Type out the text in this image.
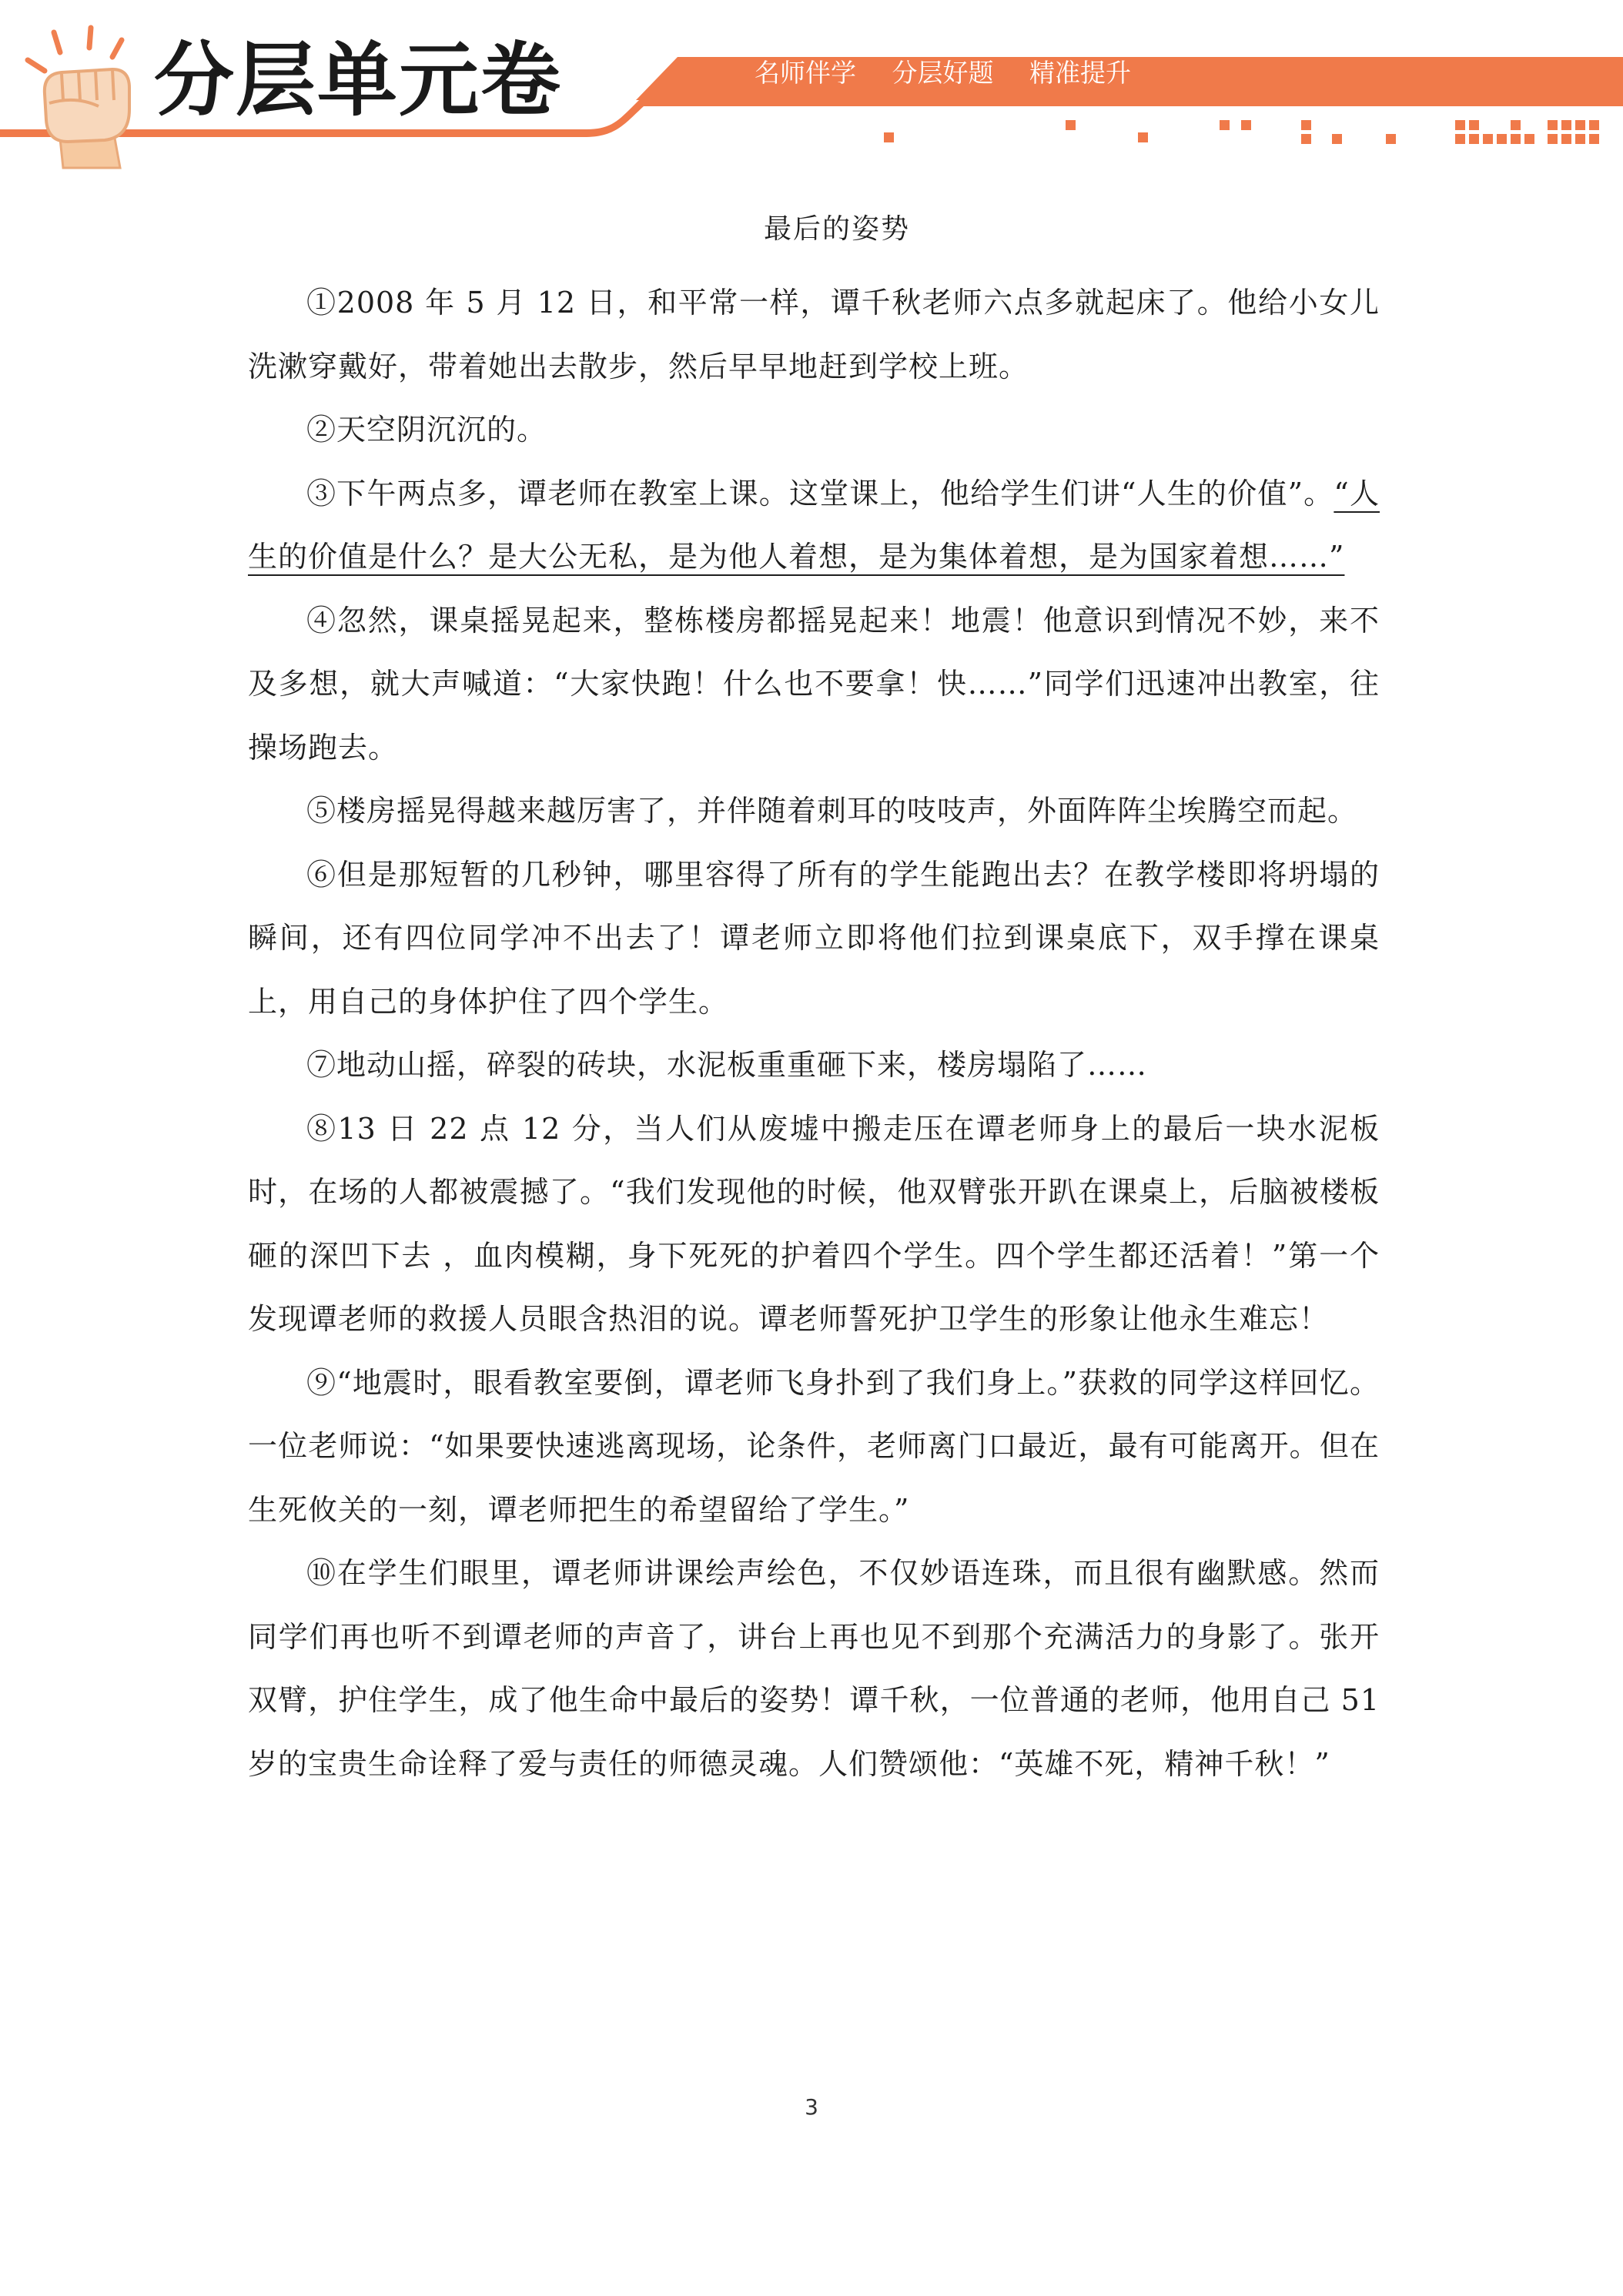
分层单元卷	名师伴学 分层好题 精准提升
最后的姿势

①2008 年 5 月 12 日，和平常一样，谭千秋老师六点多就起床了。他给小女儿洗漱穿戴好，带着她出去散步，然后早早地赶到学校上班。

②天空阴沉沉的。

③下午两点多，谭老师在教室上课。这堂课上，他给学生们讲“人生的价值”。“人生的价值是什么？是大公无私，是为他人着想，是为集体着想，是为国家着想……”

④忽然，课桌摇晃起来，整栋楼房都摇晃起来！地震！他意识到情况不妙，来不及多想，就大声喊道：“大家快跑！什么也不要拿！快……”同学们迅速冲出教室，往操场跑去。

⑤楼房摇晃得越来越厉害了，并伴随着刺耳的吱吱声，外面阵阵尘埃腾空而起。

⑥但是那短暂的几秒钟，哪里容得了所有的学生能跑出去？在教学楼即将坍塌的瞬间，还有四位同学冲不出去了！谭老师立即将他们拉到课桌底下，双手撑在课桌上，用自己的身体护住了四个学生。

⑦地动山摇，碎裂的砖块，水泥板重重砸下来，楼房塌陷了……

⑧13 日 22 点 12 分，当人们从废墟中搬走压在谭老师身上的最后一块水泥板时，在场的人都被震撼了。“我们发现他的时候，他双臂张开趴在课桌上，后脑被楼板砸的深凹下去 ，血肉模糊，身下死死的护着四个学生。四个学生都还活着！”第一个发现谭老师的救援人员眼含热泪的说。谭老师誓死护卫学生的形象让他永生难忘！

⑨“地震时，眼看教室要倒，谭老师飞身扑到了我们身上。”获救的同学这样回忆。一位老师说：“如果要快速逃离现场，论条件，老师离门口最近，最有可能离开。但在生死攸关的一刻，谭老师把生的希望留给了学生。”

⑩在学生们眼里，谭老师讲课绘声绘色，不仅妙语连珠，而且很有幽默感。然而同学们再也听不到谭老师的声音了，讲台上再也见不到那个充满活力的身影了。张开双臂，护住学生，成了他生命中最后的姿势！谭千秋，一位普通的老师，他用自己 51 岁的宝贵生命诠释了爱与责任的师德灵魂。人们赞颂他：“英雄不死，精神千秋！”

3
